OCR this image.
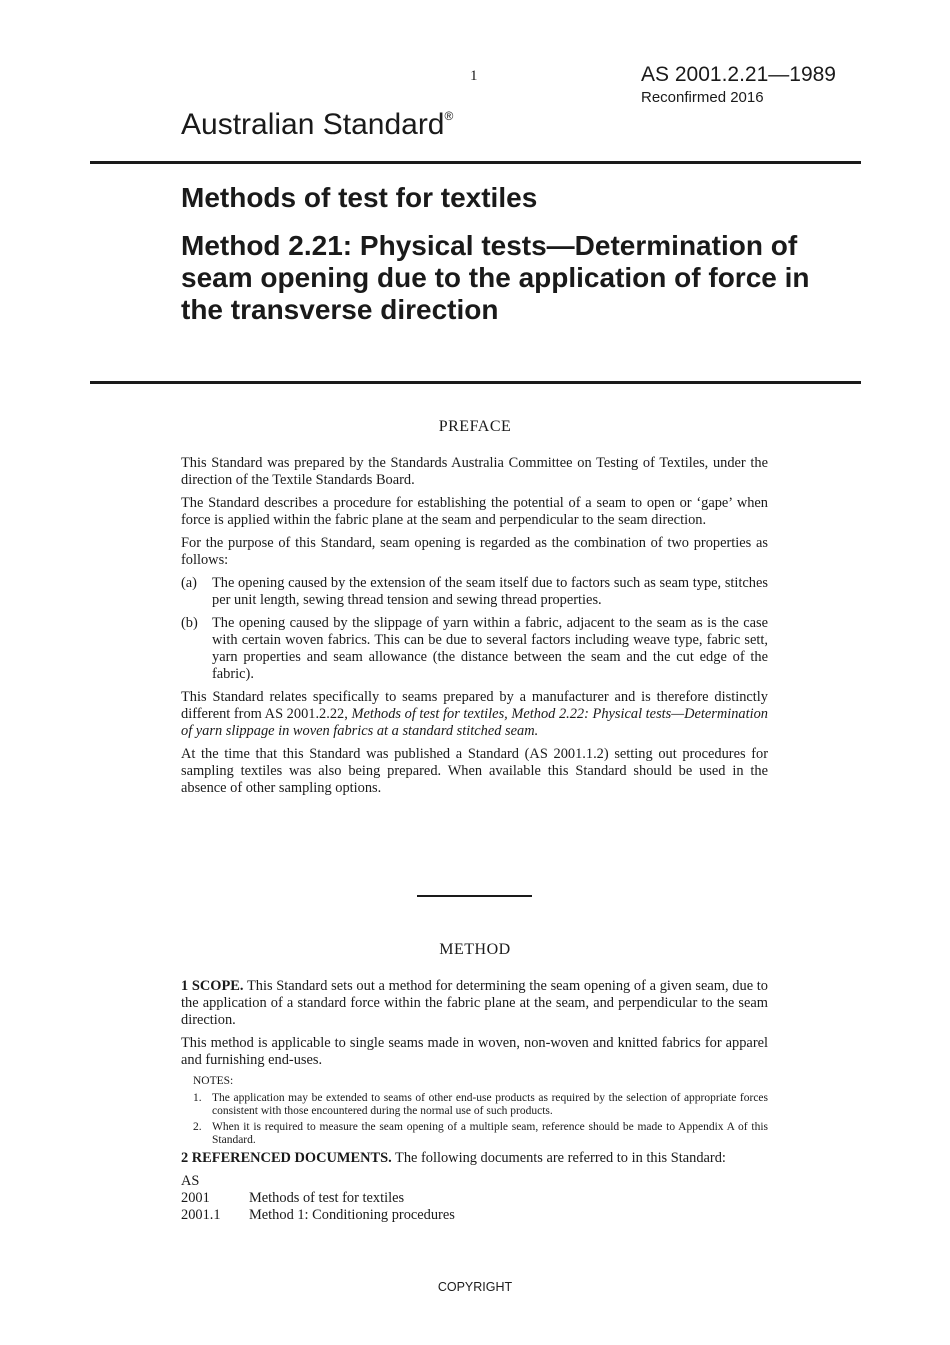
1	AS 2001.2.21—1989
Reconfirmed 2016
Australian Standard®
Methods of test for textiles
Method 2.21: Physical tests—Determination of seam opening due to the application of force in the transverse direction
PREFACE

This Standard was prepared by the Standards Australia Committee on Testing of Textiles, under the direction of the Textile Standards Board.

The Standard describes a procedure for establishing the potential of a seam to open or ‘gape’ when force is applied within the fabric plane at the seam and perpendicular to the seam direction.

For the purpose of this Standard, seam opening is regarded as the combination of two properties as follows:

(a)	The opening caused by the extension of the seam itself due to factors such as seam type, stitches per unit length, sewing thread tension and sewing thread properties.
(b) The opening caused by the slippage of yarn within a fabric, adjacent to the seam as is the case with certain woven fabrics. This can be due to several factors including weave type, fabric sett, yarn properties and seam allowance (the distance between the seam and the cut edge of the fabric).

This Standard relates specifically to seams prepared by a manufacturer and is therefore distinctly different from AS 2001.2.22, Methods of test for textiles, Method 2.22: Physical tests—Determination of yarn slippage in woven fabrics at a standard stitched seam.

At the time that this Standard was published a Standard (AS 2001.1.2) setting out procedures for sampling textiles was also being prepared. When available this Standard should be used in the absence of other sampling options.

METHOD

1 SCOPE. This Standard sets out a method for determining the seam opening of a given seam, due to the application of a standard force within the fabric plane at the seam, and perpendicular to the seam direction.

This method is applicable to single seams made in woven, non-woven and knitted fabrics for apparel and furnishing end-uses.

NOTES:
1. The application may be extended to seams of other end-use products as required by the selection of appropriate forces consistent with those encountered during the normal use of such products.
2. When it is required to measure the seam opening of a multiple seam, reference should be made to Appendix A of this Standard.

2 REFERENCED DOCUMENTS. The following documents are referred to in this Standard:

AS
2001	Methods of test for textiles
2001.1	Method 1: Conditioning procedures
COPYRIGHT
